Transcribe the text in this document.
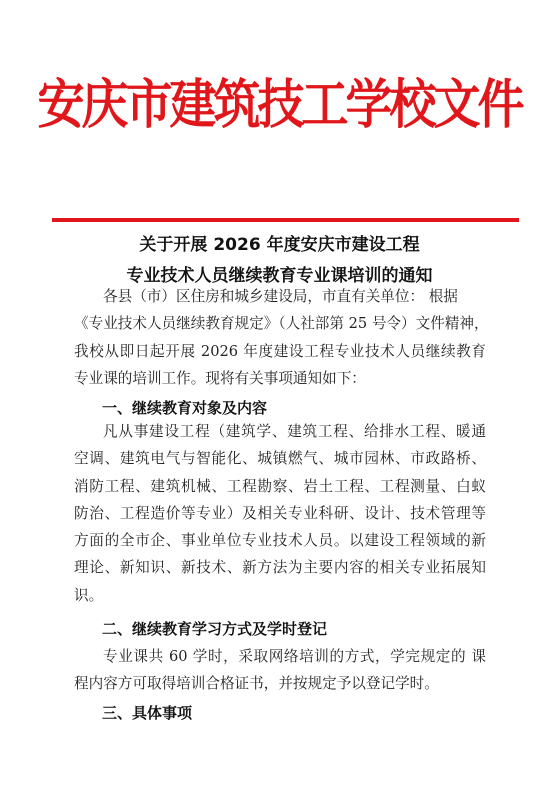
安庆市建筑技工学校文件
关于开展 2026 年度安庆市建设工程
专业技术人员继续教育专业课培训的通知
各县（市）区住房和城乡建设局，市直有关单位： 根据
《专业技术人员继续教育规定》（人社部第 25 号令）文件精神，
我校从即日起开展 2026 年度建设工程专业技术人员继续教育
专业课的培训工作。现将有关事项通知如下：
一、继续教育对象及内容
凡从事建设工程（建筑学、建筑工程、给排水工程、暖通
空调、建筑电气与智能化、城镇燃气、城市园林、市政路桥、
消防工程、建筑机械、工程勘察、岩土工程、工程测量、白蚁
防治、工程造价等专业）及相关专业科研、设计、技术管理等
方面的全市企、事业单位专业技术人员。以建设工程领域的新
理论、新知识、新技术、新方法为主要内容的相关专业拓展知
识。
二、继续教育学习方式及学时登记
专业课共 60 学时，采取网络培训的方式，学完规定的 课
程内容方可取得培训合格证书，并按规定予以登记学时。
三、具体事项
